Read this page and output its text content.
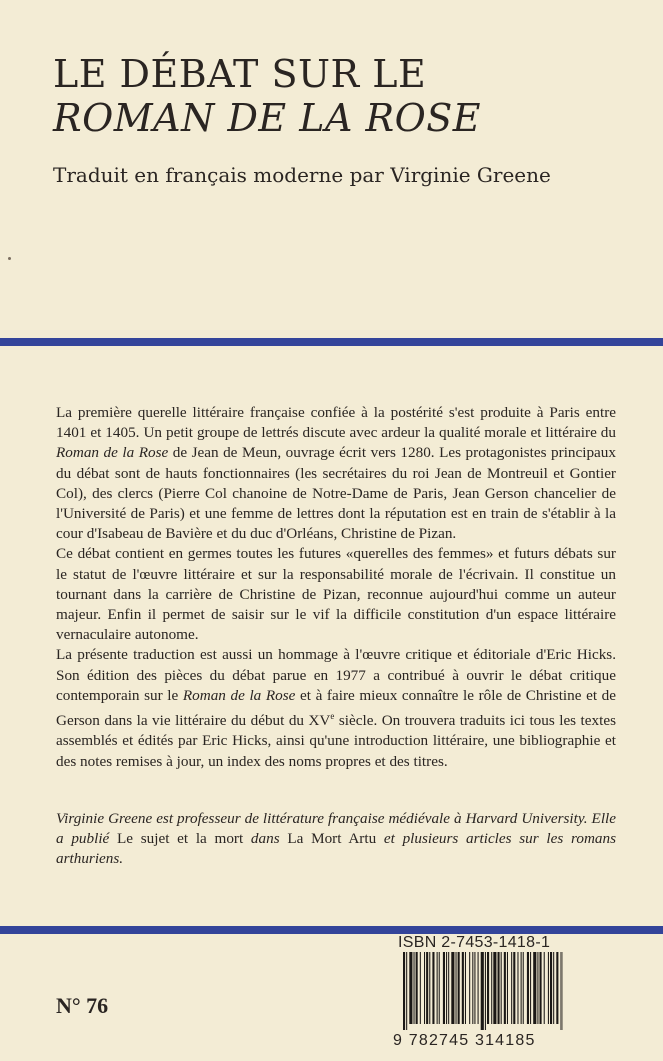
LE DÉBAT SUR LE

ROMAN DE LA ROSE

Traduit en français moderne par Virginie Greene

La première querelle littéraire française confiée à la postérité s'est produite à Paris entre 1401 et 1405. Un petit groupe de lettrés discute avec ardeur la qualité morale et littéraire du Roman de la Rose de Jean de Meun, ouvrage écrit vers 1280. Les protagonistes principaux du débat sont de hauts fonctionnaires (les secrétaires du roi Jean de Montreuil et Gontier Col), des clercs (Pierre Col chanoine de Notre-Dame de Paris, Jean Gerson chancelier de l'Université de Paris) et une femme de lettres dont la réputation est en train de s'établir à la cour d'Isabeau de Bavière et du duc d'Orléans, Christine de Pizan.

Ce débat contient en germes toutes les futures «querelles des femmes» et futurs débats sur le statut de l'œuvre littéraire et sur la responsabilité morale de l'écrivain. Il constitue un tournant dans la carrière de Christine de Pizan, reconnue aujourd'hui comme un auteur majeur. Enfin il permet de saisir sur le vif la difficile constitution d'un espace littéraire vernaculaire autonome.

La présente traduction est aussi un hommage à l'œuvre critique et éditoriale d'Eric Hicks. Son édition des pièces du débat parue en 1977 a contribué à ouvrir le débat critique contemporain sur le Roman de la Rose et à faire mieux connaître le rôle de Christine et de Gerson dans la vie littéraire du début du XVe siècle. On trouvera traduits ici tous les textes assemblés et édités par Eric Hicks, ainsi qu'une introduction littéraire, une bibliographie et des notes remises à jour, un index des noms propres et des titres.

Virginie Greene est professeur de littérature française médiévale à Harvard University. Elle a publié Le sujet et la mort dans La Mort Artu et plusieurs articles sur les romans arthuriens.

N° 76
ISBN 2-7453-1418-1
9 782745 314185
